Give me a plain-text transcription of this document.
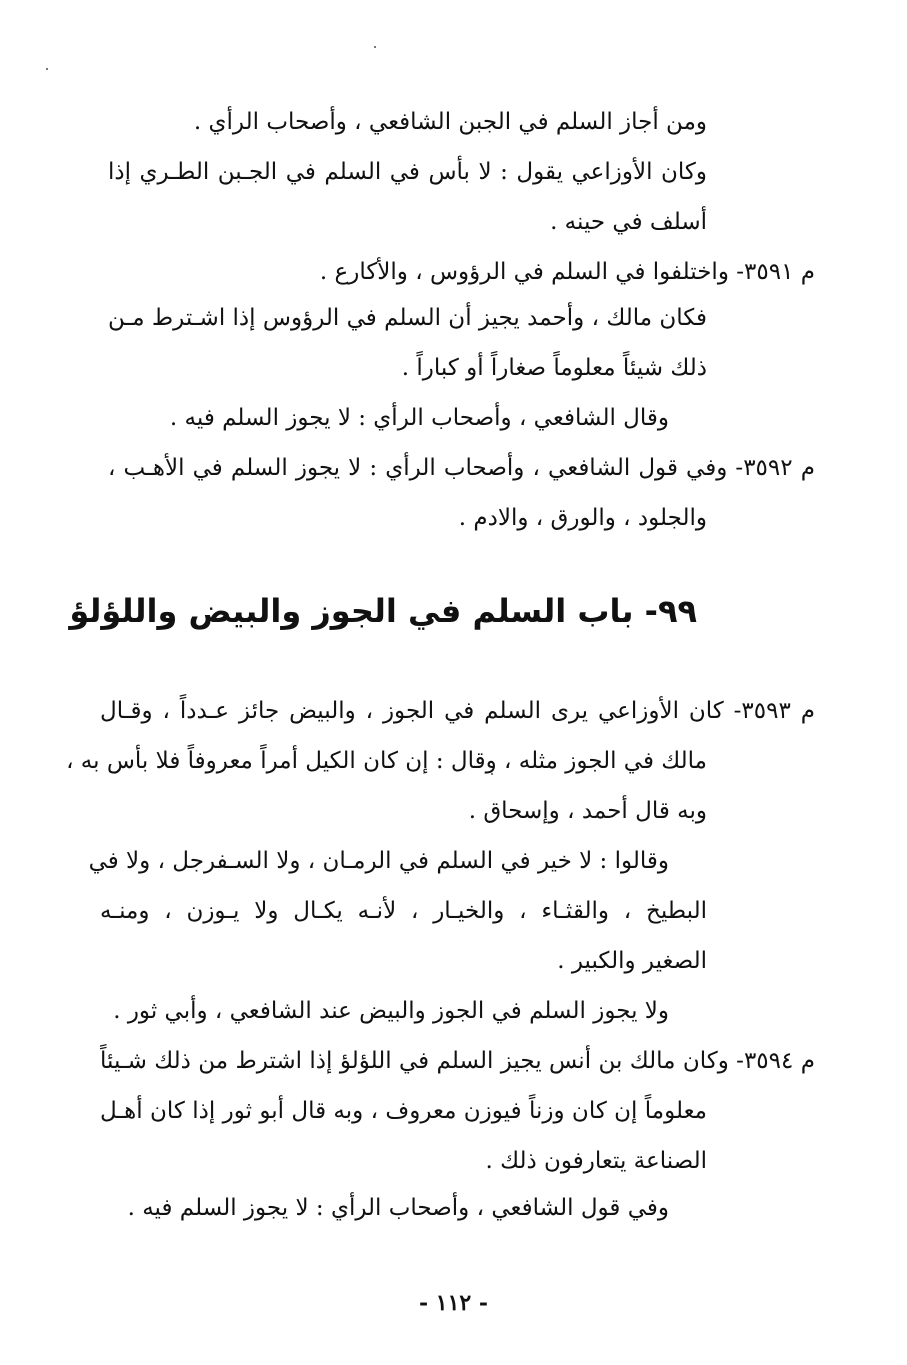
ومن أجاز السلم في الجبن الشافعي ، وأصحاب الرأي .
وكان الأوزاعي يقول : لا بأس في السلم في الجـبن الطـري إذا
أسلف في حينه .
م ٣٥٩١- واختلفوا في السلم في الرؤوس ، والأكارع .
فكان مالك ، وأحمد يجيز أن السلم في الرؤوس إذا اشـترط مـن
ذلك شيئاً معلوماً صغاراً أو كباراً .
وقال الشافعي ، وأصحاب الرأي : لا يجوز السلم فيه .
م ٣٥٩٢- وفي قول الشافعي ، وأصحاب الرأي : لا يجوز السلم في الأهـب ،
والجلود ، والورق ، والادم .
٩٩- باب السلم في الجوز والبيض واللؤلؤ
م ٣٥٩٣- كان الأوزاعي يرى السلم في الجوز ، والبيض جائز عـدداً ، وقـال
مالك في الجوز مثله ، وقال : إن كان الكيل أمراً معروفاً فلا بأس به ،
وبه قال أحمد ، وإسحاق .
وقالوا : لا خير في السلم في الرمـان ، ولا السـفرجل ، ولا في
البطيخ ، والقثـاء ، والخيـار ، لأنـه يكـال ولا يـوزن ، ومنـه
الصغير والكبير .
ولا يجوز السلم في الجوز والبيض عند الشافعي ، وأبي ثور .
م ٣٥٩٤- وكان مالك بن أنس يجيز السلم في اللؤلؤ إذا اشترط من ذلك شـيئاً
معلوماً إن كان وزناً فيوزن معروف ، وبه قال أبو ثور إذا كان أهـل
الصناعة يتعارفون ذلك .
وفي قول الشافعي ، وأصحاب الرأي : لا يجوز السلم فيه .
- ١١٢ -
